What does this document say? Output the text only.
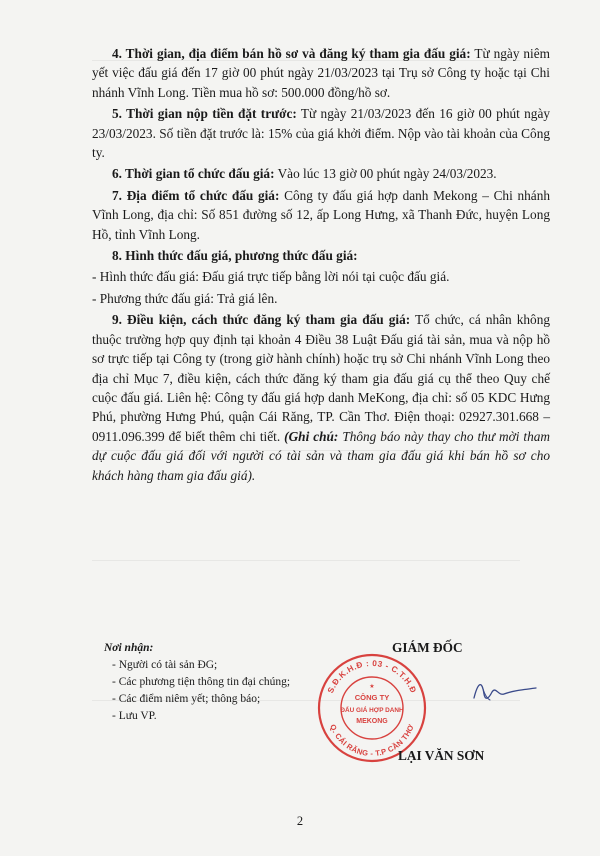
4. Thời gian, địa điểm bán hồ sơ và đăng ký tham gia đấu giá: Từ ngày niêm yết việc đấu giá đến 17 giờ 00 phút ngày 21/03/2023 tại Trụ sở Công ty hoặc tại Chi nhánh Vĩnh Long. Tiền mua hồ sơ: 500.000 đồng/hồ sơ.

5. Thời gian nộp tiền đặt trước: Từ ngày 21/03/2023 đến 16 giờ 00 phút ngày 23/03/2023. Số tiền đặt trước là: 15% của giá khởi điểm. Nộp vào tài khoản của Công ty.

6. Thời gian tổ chức đấu giá: Vào lúc 13 giờ 00 phút ngày 24/03/2023.

7. Địa điểm tổ chức đấu giá: Công ty đấu giá hợp danh Mekong – Chi nhánh Vĩnh Long, địa chỉ: Số 851 đường số 12, ấp Long Hưng, xã Thanh Đức, huyện Long Hồ, tỉnh Vĩnh Long.

8. Hình thức đấu giá, phương thức đấu giá:

- Hình thức đấu giá: Đấu giá trực tiếp bằng lời nói tại cuộc đấu giá.

- Phương thức đấu giá: Trả giá lên.

9. Điều kiện, cách thức đăng ký tham gia đấu giá: Tổ chức, cá nhân không thuộc trường hợp quy định tại khoản 4 Điều 38 Luật Đấu giá tài sản, mua và nộp hồ sơ trực tiếp tại Công ty (trong giờ hành chính) hoặc trụ sở Chi nhánh Vĩnh Long theo địa chỉ Mục 7, điều kiện, cách thức đăng ký tham gia đấu giá cụ thể theo Quy chế cuộc đấu giá. Liên hệ: Công ty đấu giá hợp danh MeKong, địa chỉ: số 05 KDC Hưng Phú, phường Hưng Phú, quận Cái Răng, TP. Cần Thơ. Điện thoại: 02927.301.668 – 0911.096.399 để biết thêm chi tiết. (Ghi chú: Thông báo này thay cho thư mời tham dự cuộc đấu giá đối với người có tài sản và tham gia đấu giá khi bán hồ sơ cho khách hàng tham gia đấu giá).

Nơi nhận:
- Người có tài sản ĐG;
- Các phương tiện thông tin đại chúng;
- Các điểm niêm yết; thông báo;
- Lưu VP.
GIÁM ĐỐC
S.Đ.K.H.Đ : 03 - C.T.H.Đ
Q. CÁI RĂNG - T.P CẦN THƠ
CÔNG TY
ĐẤU GIÁ HỢP DANH
MEKONG
★
LẠI VĂN SƠN
2
